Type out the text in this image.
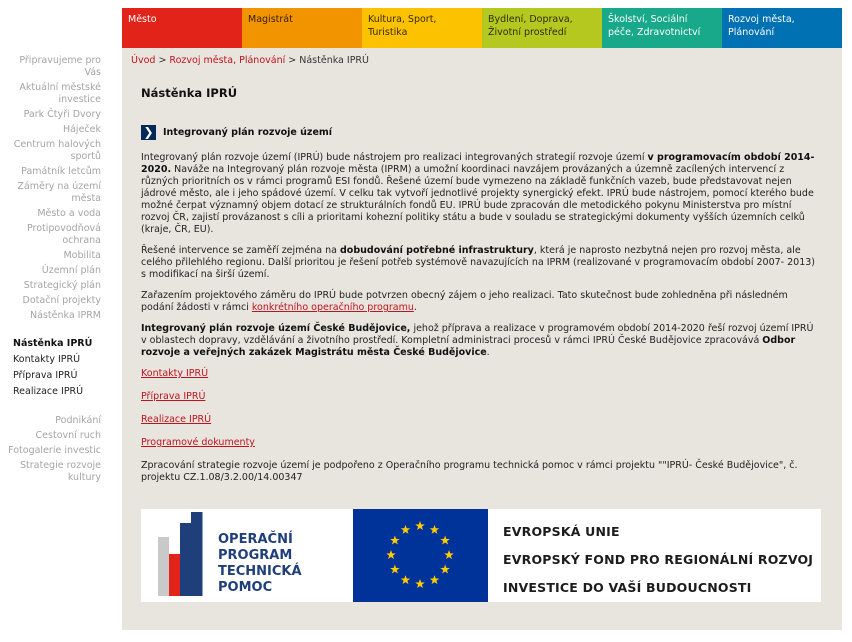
Město	Magistrát	Kultura, Sport, Turistika
Bydlení, Doprava, Životní prostředí
Školství, Sociální péče, Zdravotnictví
Rozvoj města, Plánování
Připravujeme pro Vás
Aktuální městské investice
Park Čtyři Dvory
Háječek
Centrum halových sportů
Památník letcům
Záměry na území města
Město a voda
Protipovodňová ochrana
Mobilita
Územní plán
Strategický plán
Dotační projekty
Nástěnka IPRM
Nástěnka IPRÚ
Kontakty IPRÚ
Příprava IPRÚ
Realizace IPRÚ
Podnikání
Cestovní ruch
Fotogalerie investic
Strategie rozvoje kultury
Úvod > Rozvoj města, Plánování > Nástěnka IPRÚ
Nástěnka IPRÚ
❯ Integrovaný plán rozvoje území

Integrovaný plán rozvoje území (IPRÚ) bude nástrojem pro realizaci integrovaných strategií rozvoje území v programovacím období 2014- 2020. Naváže na Integrovaný plán rozvoje města (IPRM) a umožní koordinaci navzájem provázaných a územně zacílených intervencí z různých prioritních os v rámci programů ESI fondů. Řešené území bude vymezeno na základě funkčních vazeb, bude představovat nejen jádrové město, ale i jeho spádové území. V celku tak vytvoří jednotlivé projekty synergický efekt. IPRÚ bude nástrojem, pomocí kterého bude možné čerpat významný objem dotací ze strukturálních fondů EU. IPRÚ bude zpracován dle metodického pokynu Ministerstva pro místní rozvoj ČR, zajistí provázanost s cíli a prioritami kohezní politiky státu a bude v souladu se strategickými dokumenty vyšších územních celků (kraje, ČR, EU).

Řešené intervence se zaměří zejména na dobudování potřebné infrastruktury, která je naprosto nezbytná nejen pro rozvoj města, ale celého přilehlého regionu. Další prioritou je řešení potřeb systémově navazujících na IPRM (realizované v programovacím období 2007- 2013) s modifikací na širší území.

Zařazením projektového záměru do IPRÚ bude potvrzen obecný zájem o jeho realizaci. Tato skutečnost bude zohledněna při následném podání žádosti v rámci konkrétního operačního programu.

Integrovaný plán rozvoje území České Budějovice, jehož příprava a realizace v programovém období 2014-2020 řeší rozvoj území IPRÚ v oblastech dopravy, vzdělávání a životního prostředí. Kompletní administraci procesů v rámci IPRÚ České Budějovice zpracovává Odbor rozvoje a veřejných zakázek Magistrátu města České Budějovice.

Kontakty IPRÚ
Příprava IPRÚ
Realizace IPRÚ
Programové dokumenty

Zpracování strategie rozvoje území je podpořeno z Operačního programu technická pomoc v rámci projektu ""IPRÚ- České Budějovice", č. projektu CZ.1.08/3.2.00/14.00347

OPERAČNÍ
PROGRAM
TECHNICKÁ
POMOC
EVROPSKÁ UNIE
EVROPSKÝ FOND PRO REGIONÁLNÍ ROZVOJ
INVESTICE DO VAŠÍ BUDOUCNOSTI
